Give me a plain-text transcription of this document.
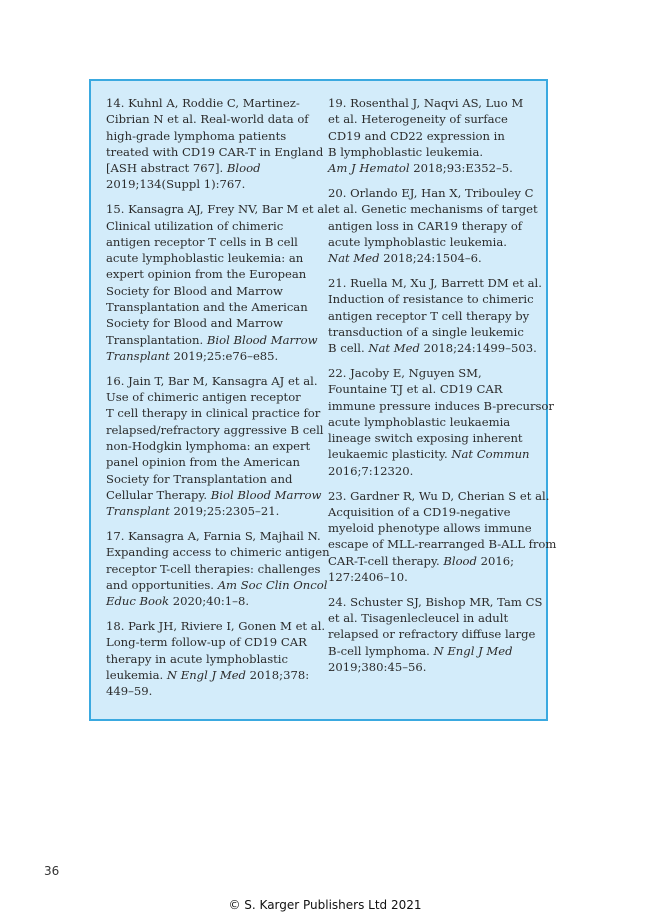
14. Kuhnl A, Roddie C, Martinez-
Cibrian N et al. Real-world data of
high-grade lymphoma patients
treated with CD19 CAR-T in England
[ASH abstract 767]. Blood
2019;134(Suppl 1):767.

15. Kansagra AJ, Frey NV, Bar M et al.
Clinical utilization of chimeric
antigen receptor T cells in B cell
acute lymphoblastic leukemia: an
expert opinion from the European
Society for Blood and Marrow
Transplantation and the American
Society for Blood and Marrow
Transplantation. Biol Blood Marrow
Transplant 2019;25:e76–e85.

16. Jain T, Bar M, Kansagra AJ et al.
Use of chimeric antigen receptor
T cell therapy in clinical practice for
relapsed/refractory aggressive B cell
non-Hodgkin lymphoma: an expert
panel opinion from the American
Society for Transplantation and
Cellular Therapy. Biol Blood Marrow
Transplant 2019;25:2305–21.

17. Kansagra A, Farnia S, Majhail N.
Expanding access to chimeric antigen
receptor T-cell therapies: challenges
and opportunities. Am Soc Clin Oncol
Educ Book 2020;40:1–8.

18. Park JH, Riviere I, Gonen M et al.
Long-term follow-up of CD19 CAR
therapy in acute lymphoblastic
leukemia. N Engl J Med 2018;378:
449–59.

19. Rosenthal J, Naqvi AS, Luo M
et al. Heterogeneity of surface
CD19 and CD22 expression in
B lymphoblastic leukemia.
Am J Hematol 2018;93:E352–5.

20. Orlando EJ, Han X, Tribouley C
et al. Genetic mechanisms of target
antigen loss in CAR19 therapy of
acute lymphoblastic leukemia.
Nat Med 2018;24:1504–6.

21. Ruella M, Xu J, Barrett DM et al.
Induction of resistance to chimeric
antigen receptor T cell therapy by
transduction of a single leukemic
B cell. Nat Med 2018;24:1499–503.

22. Jacoby E, Nguyen SM,
Fountaine TJ et al. CD19 CAR
immune pressure induces B-precursor
acute lymphoblastic leukaemia
lineage switch exposing inherent
leukaemic plasticity. Nat Commun
2016;7:12320.

23. Gardner R, Wu D, Cherian S et al.
Acquisition of a CD19-negative
myeloid phenotype allows immune
escape of MLL-rearranged B-ALL from
CAR-T-cell therapy. Blood 2016;
127:2406–10.

24. Schuster SJ, Bishop MR, Tam CS
et al. Tisagenlecleucel in adult
relapsed or refractory diffuse large
B-cell lymphoma. N Engl J Med
2019;380:45–56.

36
© S. Karger Publishers Ltd 2021
